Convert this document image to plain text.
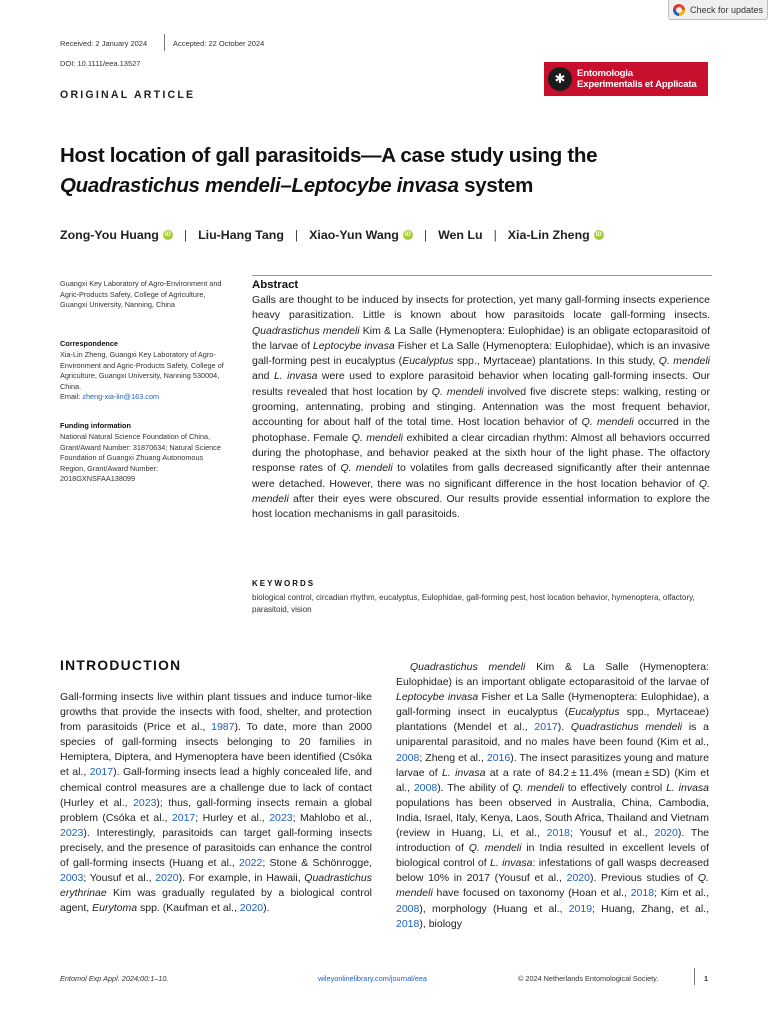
Check for updates
Received: 2 January 2024	Accepted: 22 October 2024
DOI: 10.1111/eea.13527
✱	Entomologia
Experimentalis et Applicata
ORIGINAL ARTICLE
Host location of gall parasitoids—A case study using the
Quadrastichus mendeli–Leptocybe invasa system
Zong-You Huang	iD | Liu-Hang Tang | Xiao-Yun Wang	iD | Wen Lu | Xia-Lin Zheng	iD
Guangxi Key Laboratory of Agro-Environment and Agric-Products Safety, College of Agriculture, Guangxi University, Nanning, China
Correspondence
Xia-Lin Zheng, Guangxi Key Laboratory of Agro-Environment and Agric-Products Safety, College of Agriculture, Guangxi University, Nanning 530004, China.
Email: zheng-xia-lin@163.com
Funding information
National Natural Science Foundation of China, Grant/Award Number: 31870634; Natural Science Foundation of Guangxi Zhuang Autonomous Region, Grant/Award Number: 2018GXNSFAA138099
Abstract
Galls are thought to be induced by insects for protection, yet many gall-forming insects experience heavy parasitization. Little is known about how parasitoids locate gall-forming insects. Quadrastichus mendeli Kim & La Salle (Hymenoptera: Eulophidae) is an obligate ectoparasitoid of the larvae of Leptocybe invasa Fisher et La Salle (Hymenoptera: Eulophidae), which is an invasive gall-forming pest in eucalyptus (Eucalyptus spp., Myrtaceae) plantations. In this study, Q. mendeli and L. invasa were used to explore parasitoid behavior when locating gall-forming insects. Our results revealed that host location by Q. mendeli involved five discrete steps: walking, resting or grooming, antennating, probing and stinging. Antennation was the most frequent behavior, accounting for about half of the total time. Host location behavior of Q. mendeli occurred in the photophase. Female Q. mendeli exhibited a clear circadian rhythm: Almost all behaviors occurred during the photophase, and behavior peaked at the sixth hour of the light phase. The olfactory response rates of Q. mendeli to volatiles from galls decreased significantly after their antennae were detached. However, there was no significant difference in the host location behavior of Q. mendeli after their eyes were obscured. Our results provide essential information to explore the host location mechanisms in gall parasitoids.
KEYWORDS
biological control, circadian rhythm, eucalyptus, Eulophidae, gall-forming pest, host location behavior, hymenoptera, olfactory, parasitoid, vision
INTRODUCTION
Gall-forming insects live within plant tissues and induce tumor-like growths that provide the insects with food, shelter, and protection from parasitoids (Price et al., 1987). To date, more than 2000 species of gall-forming insects belonging to 20 families in Hemiptera, Diptera, and Hymenoptera have been identified (Csóka et al., 2017). Gall-forming insects lead a highly concealed life, and chemical control measures are a challenge due to lack of contact (Hurley et al., 2023); thus, gall-forming insects remain a global problem (Csóka et al., 2017; Hurley et al., 2023; Mahlobo et al., 2023). Interestingly, parasitoids can target gall-forming insects precisely, and the presence of parasitoids can enhance the control of gall-forming insects (Huang et al., 2022; Stone & Schönrogge, 2003; Yousuf et al., 2020). For example, in Hawaii, Quadrastichus erythrinae Kim was gradually regulated by a biological control agent, Eurytoma spp. (Kaufman et al., 2020).
Quadrastichus mendeli Kim & La Salle (Hymenoptera: Eulophidae) is an important obligate ectoparasitoid of the larvae of Leptocybe invasa Fisher et La Salle (Hymenoptera: Eulophidae), a gall-forming insect in eucalyptus (Eucalyptus spp., Myrtaceae) plantations (Mendel et al., 2017). Quadrastichus mendeli is a uniparental parasitoid, and no males have been found (Kim et al., 2008; Zheng et al., 2016). The insect parasitizes young and mature larvae of L. invasa at a rate of 84.2 ± 11.4% (mean ± SD) (Kim et al., 2008). The ability of Q. mendeli to effectively control L. invasa populations has been observed in Australia, China, Cambodia, India, Israel, Italy, Kenya, Laos, South Africa, Thailand and Vietnam (review in Huang, Li, et al., 2018; Yousuf et al., 2020). The introduction of Q. mendeli in India resulted in excellent levels of biological control of L. invasa: infestations of gall wasps decreased below 10% in 2017 (Yousuf et al., 2020). Previous studies of Q. mendeli have focused on taxonomy (Hoan et al., 2018; Kim et al., 2008), morphology (Huang et al., 2019; Huang, Zhang, et al., 2018), biology
Entomol Exp Appl. 2024;00:1–10.	wileyonlinelibrary.com/journal/eea	© 2024 Netherlands Entomological Society.	1
